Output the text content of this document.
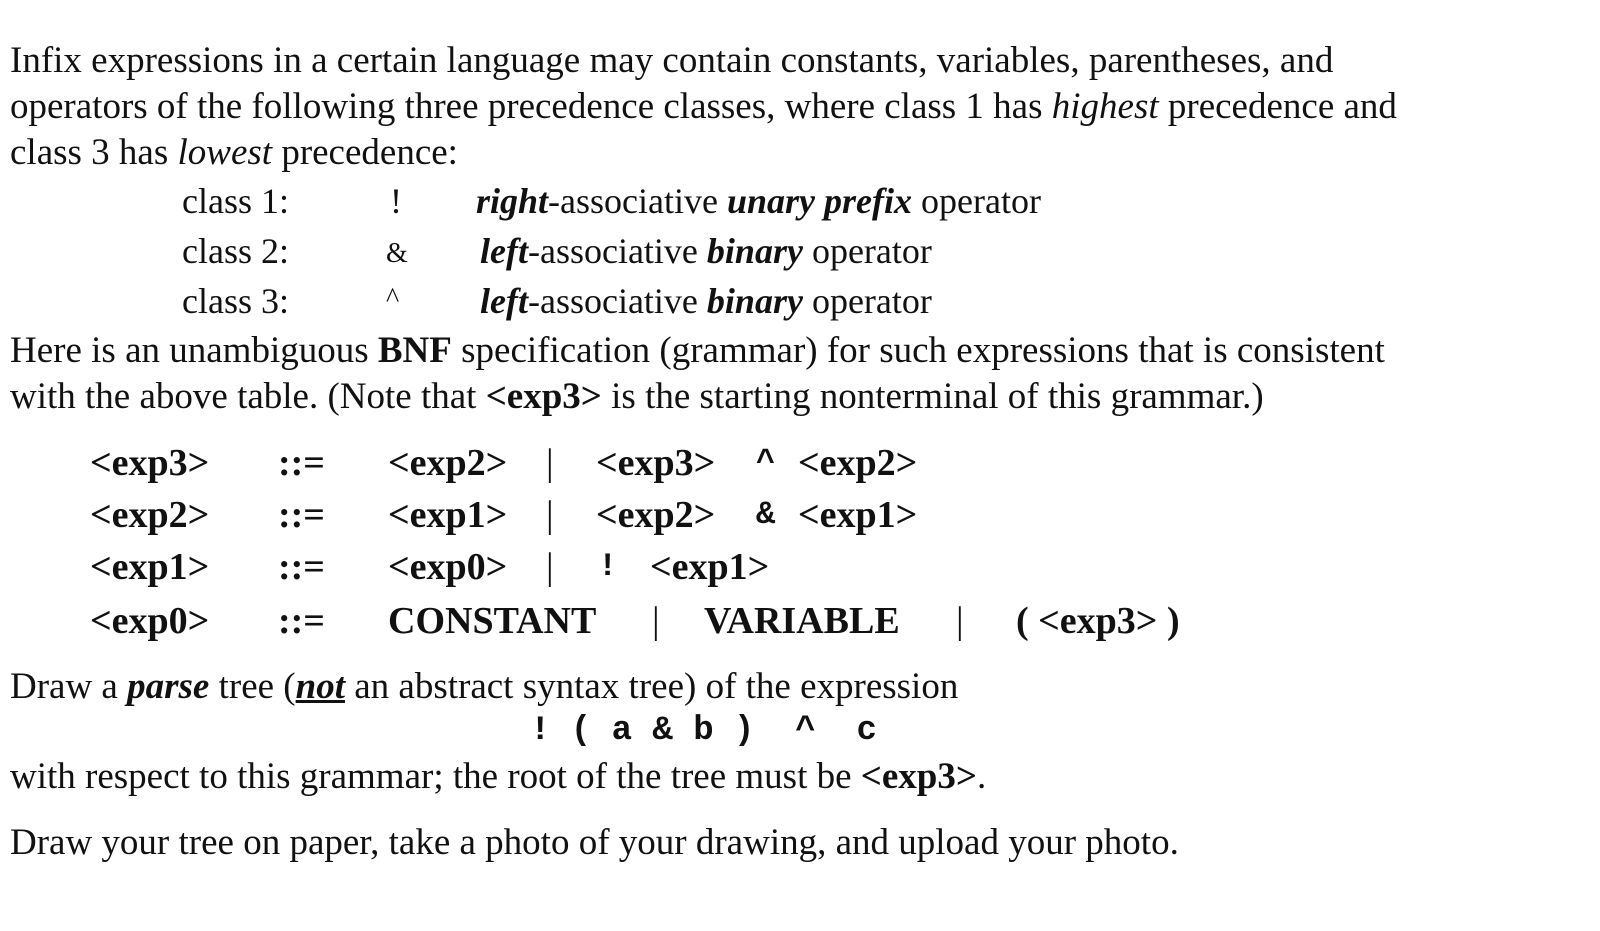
Infix expressions in a certain language may contain constants, variables, parentheses, and
operators of the following three precedence classes, where class 1 has highest precedence and
class 3 has lowest precedence:
class 1:	! right-associative unary prefix operator
class 2:	& left-associative binary operator
class 3:	^ left-associative binary operator
Here is an unambiguous BNF specification (grammar) for such expressions that is consistent
with the above table. (Note that <exp3> is the starting nonterminal of this grammar.)
<exp3> ::= <exp2> | <exp3> ^ <exp2>
<exp2> ::= <exp1> | <exp2> & <exp1>
<exp1> ::= <exp0> | ! <exp1>
<exp0> ::= CONSTANT | VARIABLE | ( <exp3> )
Draw a parse tree (not an abstract syntax tree) of the expression
! ( a & b )  ^  c
with respect to this grammar; the root of the tree must be <exp3>.
Draw your tree on paper, take a photo of your drawing, and upload your photo.
